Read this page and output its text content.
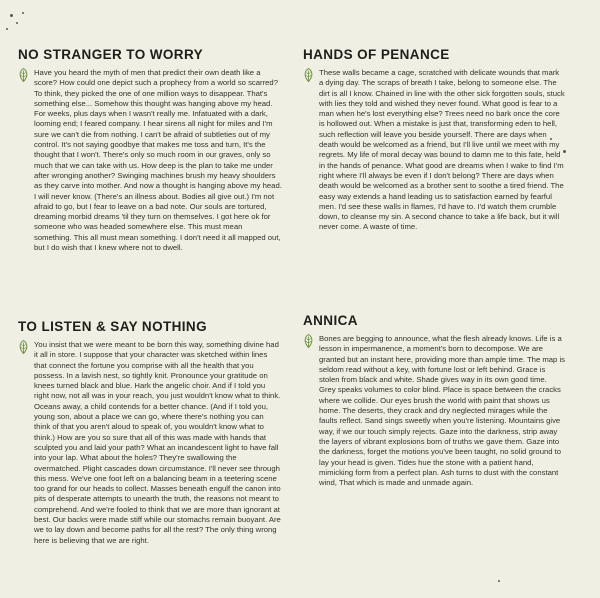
NO STRANGER TO WORRY

Have you heard the myth of men that predict their own death like a score? How could one depict such a prophecy from a world so scarred? To think, they picked the one of one million ways to disappear. That's something else... Somehow this thought was hanging above my head. For weeks, plus days when I wasn't really me. Infatuated with a dark, looming end; I feared company. I hear sirens all night for miles and I'm sure we can't die from nothing. I can't be afraid of subtleties out of my control. It's not saying goodbye that makes me toss and turn, It's the thought that I won't. There's only so much room in our graves, only so much that we can take with us. How deep is the plan to take me under after wronging another? Swinging machines brush my heavy shoulders as they carve into mother. And now a thought is hanging above my head. I will never know. (There's an illness about. Bodies all give out.) I'm not afraid to go, but I fear to leave on a bad note. Our souls are tortured, dreaming morbid dreams 'til they turn on themselves. I got here ok for someone who was headed somewhere else. This must mean something. This all must mean something. I don't need it all mapped out, but I do wish that I knew where not to dwell.

TO LISTEN & SAY NOTHING

You insist that we were meant to be born this way, something divine had it all in store. I suppose that your character was sketched within lines that connect the fortune you comprise with all the health that you possess. In a lavish nest, so tightly knit. Pronounce your gratitude on knees turned black and blue. Hark the angelic choir. And if I told you right now, not all was in your reach, you just wouldn't know what to think. Oceans away, a child contends for a better chance. (And if I told you, young son, about a place we can go, where there's nothing you can think of that you aren't aloud to speak of, you wouldn't know what to think.) How are you so sure that all of this was made with hands that sculpted you and laid your path? What an incandescent light to have fall into your lap. What about the holes? They're swallowing the overmatched. Plight cascades down circumstance. I'll never see through this mess. We've one foot left on a balancing beam in a teetering scene too grand for our heads to collect. Masses beneath engulf the canon into pits of desperate attempts to unearth the truth, the reasons not meant to comprehend. And we're fooled to think that we are more than ignorant at best. Our backs were made stiff while our stomachs remain buoyant. Are we to lay down and become paths for all the rest? The only thing wrong here is believing that we are right.

HANDS OF PENANCE

These walls became a cage, scratched with delicate wounds that mark a dying day. The scraps of breath I take, belong to someone else. The dirt is all I know. Chained in line with the other sick forgotten souls, stuck with lies they told and wished they never found. What good is fear to a man when he's lost everything else? Trees need no bark once the core is hollowed out. When a mistake is just that, transforming eden to hell, such reflection will leave you beside yourself. There are days when death would be welcomed as a friend, but I'll live until we meet with my regrets. My life of moral decay was bound to damn me to this fate, held in the hands of penance. What good are dreams when I wake to find I'm right where I'll always be even if I don't belong? There are days when death would be welcomed as a brother sent to soothe a tired friend. The easy way extends a hand leading us to satisfaction earned by fearful men. I'd see these walls in flames, I'd have to. I'd watch them crumble down, to cleanse my sin. A second chance to take a life back, but it will never come. A waste of time.

ANNICA

Bones are begging to announce, what the flesh already knows. Life is a lesson in impermanence, a moment's born to decompose. We are granted but an instant here, providing more than ample time. The map is seldom read without a key, with fortune lost or left behind. Grace is stolen from black and white. Shade gives way in its own good time. Grey speaks volumes to color blind. Place is space between the cracks where we collide. Our eyes brush the world with paint that shows us home. The deserts, they crack and dry neglected mirages while the faults reflect. Sand sings sweetly when you're listening. Mountains give way, if we our touch simply rejects. Gaze into the darkness, strip away the layers of vibrant explosions born of truths we gave them. Gaze into the darkness, forget the motions you've been taught, no solid ground to lay your head is given. Tides hue the stone with a patient hand, mimicking form from a perfect plan. Ash turns to dust with the constant wind, That which is made and unmade again.
